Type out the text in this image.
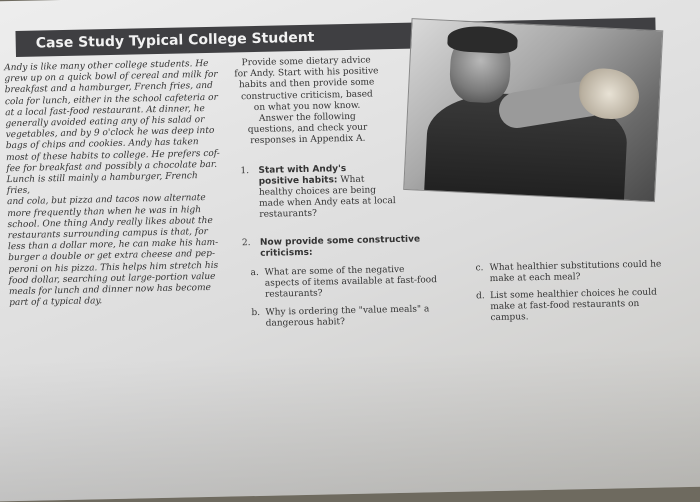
Case Study Typical College Student

Andy is like many other college students. He

grew up on a quick bowl of cereal and milk for

breakfast and a hamburger, French fries, and

cola for lunch, either in the school cafeteria or

at a local fast-food restaurant. At dinner, he

generally avoided eating any of his salad or

vegetables, and by 9 o'clock he was deep into

bags of chips and cookies. Andy has taken

most of these habits to college. He prefers cof-

fee for breakfast and possibly a chocolate bar.

Lunch is still mainly a hamburger, French fries,

and cola, but pizza and tacos now alternate

more frequently than when he was in high

school. One thing Andy really likes about the

restaurants surrounding campus is that, for

less than a dollar more, he can make his ham-

burger a double or get extra cheese and pep-

peroni on his pizza. This helps him stretch his

food dollar, searching out large-portion value

meals for lunch and dinner now has become

part of a typical day.

Provide some dietary advice

for Andy. Start with his positive

habits and then provide some

constructive criticism, based

on what you now know.

Answer the following

questions, and check your

responses in Appendix A.

1. Start with Andy's
positive habits: What
healthy choices are being
made when Andy eats at local
restaurants?
2. Now provide some constructive
criticisms:
a. What are some of the negative
aspects of items available at fast-food
restaurants?
b. Why is ordering the "value meals" a
dangerous habit?
c. What healthier substitutions could he
make at each meal?
d. List some healthier choices he could
make at fast-food restaurants on
campus.
